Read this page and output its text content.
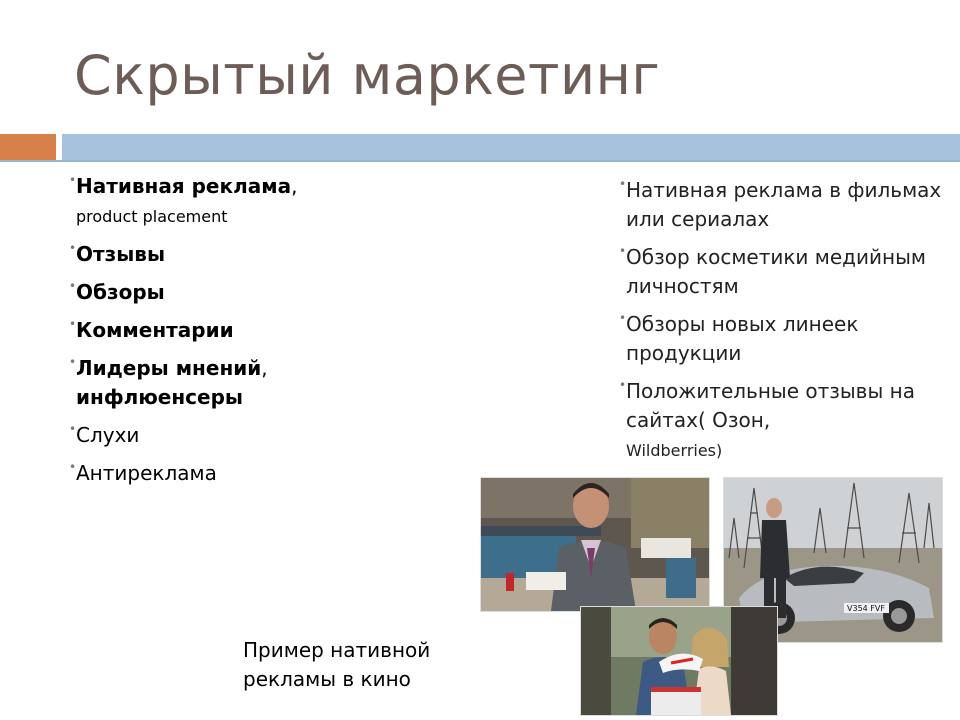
Скрытый маркетинг
• Нативная реклама,
product placement
• Отзывы
• Обзоры
• Комментарии
• Лидеры мнений,
инфлюенсеры
• Слухи
• Антиреклама
• Нативная реклама в фильмах или сериалах
• Обзор косметики медийным личностям
• Обзоры новых линеек продукции
• Положительные отзывы на сайтах( Озон,
Wildberries)
Пример нативной рекламы в кино
V354 FVF
